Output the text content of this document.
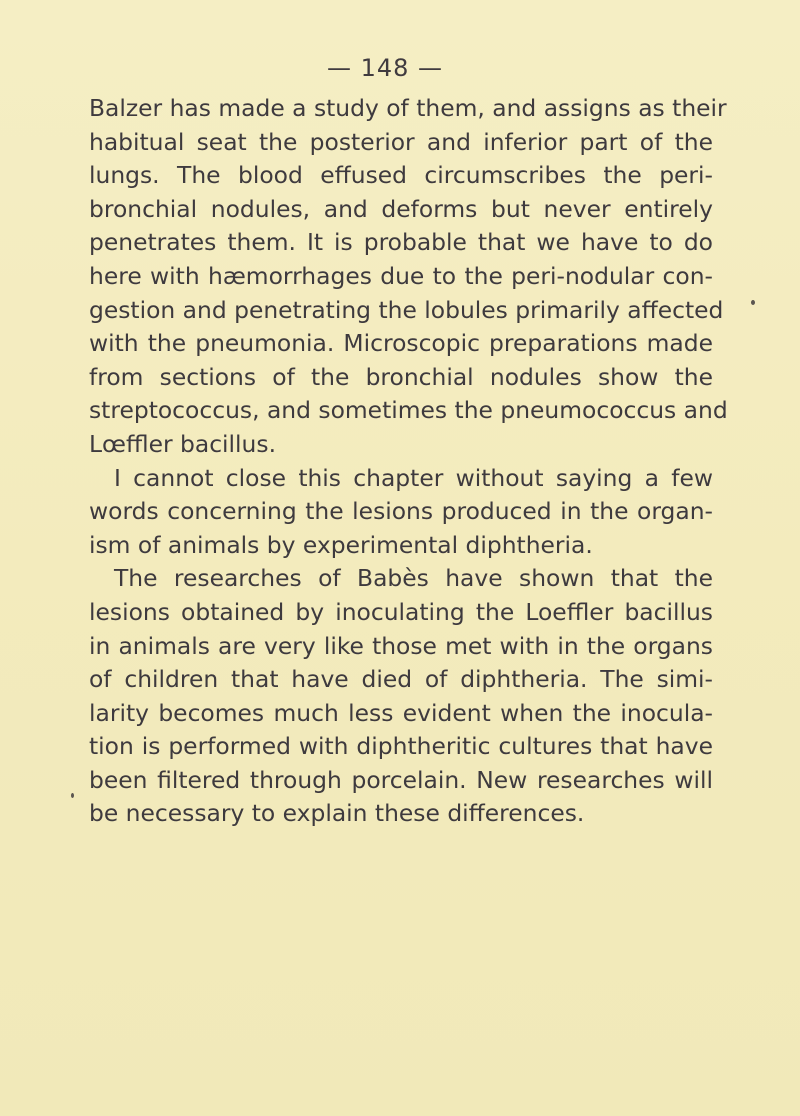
— 148 —
Balzer has made a study of them, and assigns as their
habitual seat the posterior and inferior part of the
lungs. The blood effused circumscribes the peri-
bronchial nodules, and deforms but never entirely
penetrates them. It is probable that we have to do
here with hæmorrhages due to the peri-nodular con-
gestion and penetrating the lobules primarily affected
with the pneumonia. Microscopic preparations made
from sections of the bronchial nodules show the
streptococcus, and sometimes the pneumococcus and
Lœffler bacillus.
I cannot close this chapter without saying a few
words concerning the lesions produced in the organ-
ism of animals by experimental diphtheria.
The researches of Babès have shown that the
lesions obtained by inoculating the Loeffler bacillus
in animals are very like those met with in the organs
of children that have died of diphtheria. The simi-
larity becomes much less evident when the inocula-
tion is performed with diphtheritic cultures that have
been filtered through porcelain. New researches will
be necessary to explain these differences.
